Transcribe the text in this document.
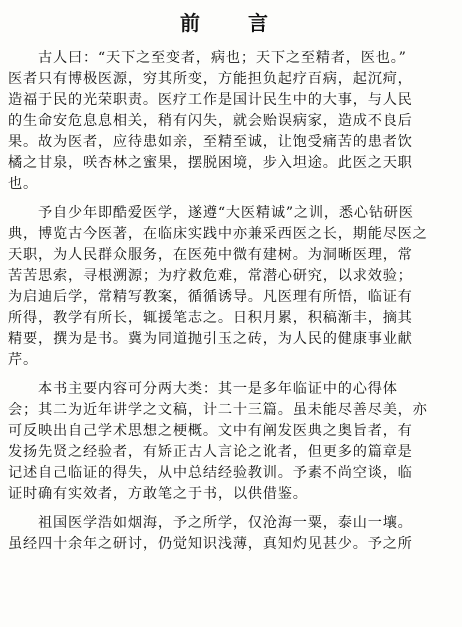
前　言
　　古人曰：“天下之至变者，病也；天下之至精者，医也。”
医者只有博极医源，穷其所变，方能担负起疗百病，起沉疴，
造福于民的光荣职责。医疗工作是国计民生中的大事，与人民
的生命安危息息相关，稍有闪失，就会贻误病家，造成不良后
果。故为医者，应待患如亲，至精至诚，让饱受痛苦的患者饮
橘之甘泉，咲杏林之蜜果，摆脱困境，步入坦途。此医之天职
也。
　　予自少年即酷爱医学，遂遵“大医精诚”之训，悉心钻研医
典，博览古今医著，在临床实践中亦兼采西医之长，期能尽医之
天职，为人民群众服务，在医苑中微有建树。为洞晰医理，常
苦苦思索，寻根溯源；为疗救危难，常潜心研究，以求效验；
为启迪后学，常精写教案，循循诱导。凡医理有所悟，临证有
所得，教学有所长，辄援笔志之。日积月累，积稿渐丰，摘其
精要，撰为是书。冀为同道抛引玉之砖，为人民的健康事业献
芹。
　　本书主要内容可分两大类：其一是多年临证中的心得体
会；其二为近年讲学之文稿，计二十三篇。虽未能尽善尽美，亦
可反映出自己学术思想之梗概。文中有阐发医典之奥旨者，有
发扬先贤之经验者，有矫正古人言论之讹者，但更多的篇章是
记述自己临证的得失，从中总结经验教训。予素不尚空谈，临
证时确有实效者，方敢笔之于书，以供借鉴。
　　祖国医学浩如烟海，予之所学，仅沧海一粟，泰山一壤。
虽经四十余年之研讨，仍觉知识浅薄，真知灼见甚少。予之所
